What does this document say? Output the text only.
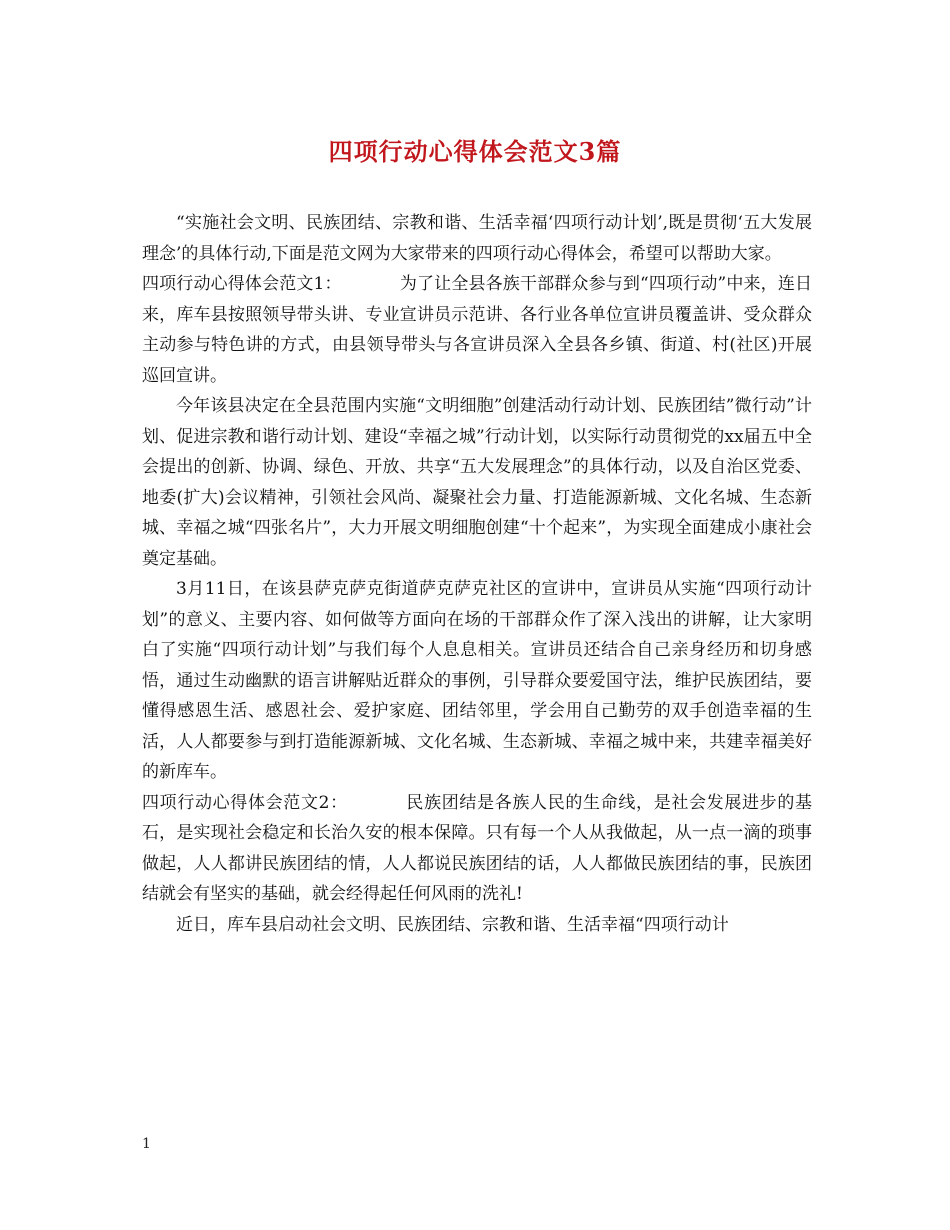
四项行动心得体会范文3篇

“实施社会文明、民族团结、宗教和谐、生活幸福‘四项行动计划’,既是贯彻‘五大发展理念’的具体行动,下面是范文网为大家带来的四项行动心得体会，希望可以帮助大家。

四项行动心得体会范文1：	为了让全县各族干部群众参与到“四项行动”中来，连日来，库车县按照领导带头讲、专业宣讲员示范讲、各行业各单位宣讲员覆盖讲、受众群众主动参与特色讲的方式，由县领导带头与各宣讲员深入全县各乡镇、街道、村(社区)开展巡回宣讲。

今年该县决定在全县范围内实施“文明细胞”创建活动行动计划、民族团结”微行动”计划、促进宗教和谐行动计划、建设“幸福之城”行动计划，以实际行动贯彻党的xx届五中全会提出的创新、协调、绿色、开放、共享“五大发展理念”的具体行动，以及自治区党委、地委(扩大)会议精神，引领社会风尚、凝聚社会力量、打造能源新城、文化名城、生态新城、幸福之城“四张名片”，大力开展文明细胞创建“十个起来”，为实现全面建成小康社会奠定基础。

3月11日，在该县萨克萨克街道萨克萨克社区的宣讲中，宣讲员从实施“四项行动计划”的意义、主要内容、如何做等方面向在场的干部群众作了深入浅出的讲解，让大家明白了实施“四项行动计划”与我们每个人息息相关。宣讲员还结合自己亲身经历和切身感悟，通过生动幽默的语言讲解贴近群众的事例，引导群众要爱国守法，维护民族团结，要懂得感恩生活、感恩社会、爱护家庭、团结邻里，学会用自己勤劳的双手创造幸福的生活，人人都要参与到打造能源新城、文化名城、生态新城、幸福之城中来，共建幸福美好的新库车。

四项行动心得体会范文2：	民族团结是各族人民的生命线，是社会发展进步的基石，是实现社会稳定和长治久安的根本保障。只有每一个人从我做起，从一点一滴的琐事做起，人人都讲民族团结的情，人人都说民族团结的话，人人都做民族团结的事，民族团结就会有坚实的基础，就会经得起任何风雨的洗礼!

近日，库车县启动社会文明、民族团结、宗教和谐、生活幸福“四项行动计

1
